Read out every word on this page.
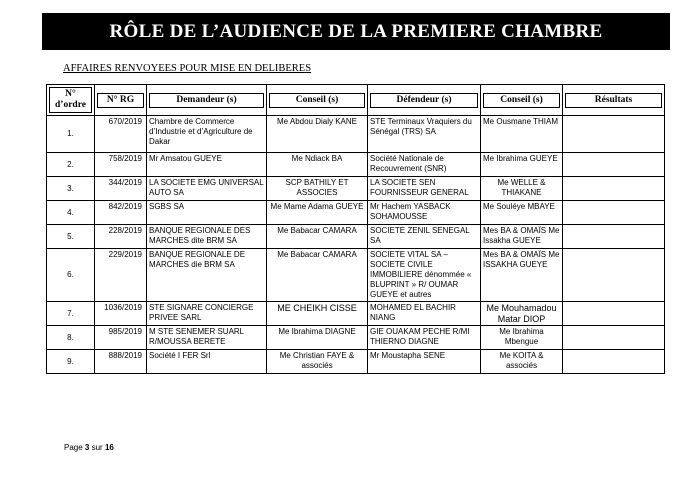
RÔLE DE L’AUDIENCE DE LA PREMIERE CHAMBRE
AFFAIRES RENVOYEES POUR MISE EN DELIBERES
N° d’ordre	N° RG	Demandeur (s)	Conseil (s)	Défendeur (s)	Conseil (s)	Résultats

1.	670/2019	Chambre de Commerce d’Industrie et d’Agriculture de Dakar	Me Abdou Dialy KANE	STE Terminaux Vraquiers du Sénégal (TRS) SA	Me Ousmane THIAM	
2.	758/2019	Mr Amsatou GUEYE	Me Ndiack BA	Société Nationale de Recouvrement (SNR)	Me Ibrahima GUEYE	
3.	344/2019	LA SOCIETE EMG UNIVERSAL AUTO SA	SCP BATHILY ET ASSOCIES	LA SOCIETE SEN FOURNISSEUR GENERAL	Me WELLE & THIAKANE	
4.	842/2019	SGBS SA	Me Mame Adama GUEYE	Mr Hachem YASBACK SOHAMOUSSE	Me Souléye MBAYE	
5.	228/2019	BANQUE REGIONALE DES MARCHES dite BRM SA	Me Babacar CAMARA	SOCIETE ZENIL SENEGAL SA	Mes BA & OMAÏS Me Issakha GUEYE	
6.	229/2019	BANQUE REGIONALE DE MARCHES die BRM SA	Me Babacar CAMARA	SOCIETE VITAL SA –SOCIETE CIVILE IMMOBILIERE dénommée « BLUPRINT » R/ OUMAR GUEYE et autres	Mes BA & OMAÏS Me ISSAKHA GUEYE	
7.	1036/2019	STE SIGNARE CONCIERGE PRIVEE SARL	ME CHEIKH CISSE	MOHAMED EL BACHIR NIANG	Me Mouhamadou Matar DIOP	
8.	985/2019	M STE SENEMER SUARL R/MOUSSA BERETE	Me Ibrahima DIAGNE	GIE OUAKAM PECHE R/MI THIERNO DIAGNE	Me Ibrahima Mbengue	
9.	888/2019	Société I FER Srl	Me Christian FAYE & associés	Mr Moustapha SENE	Me KOITA & associés	
Page 3 sur 16
